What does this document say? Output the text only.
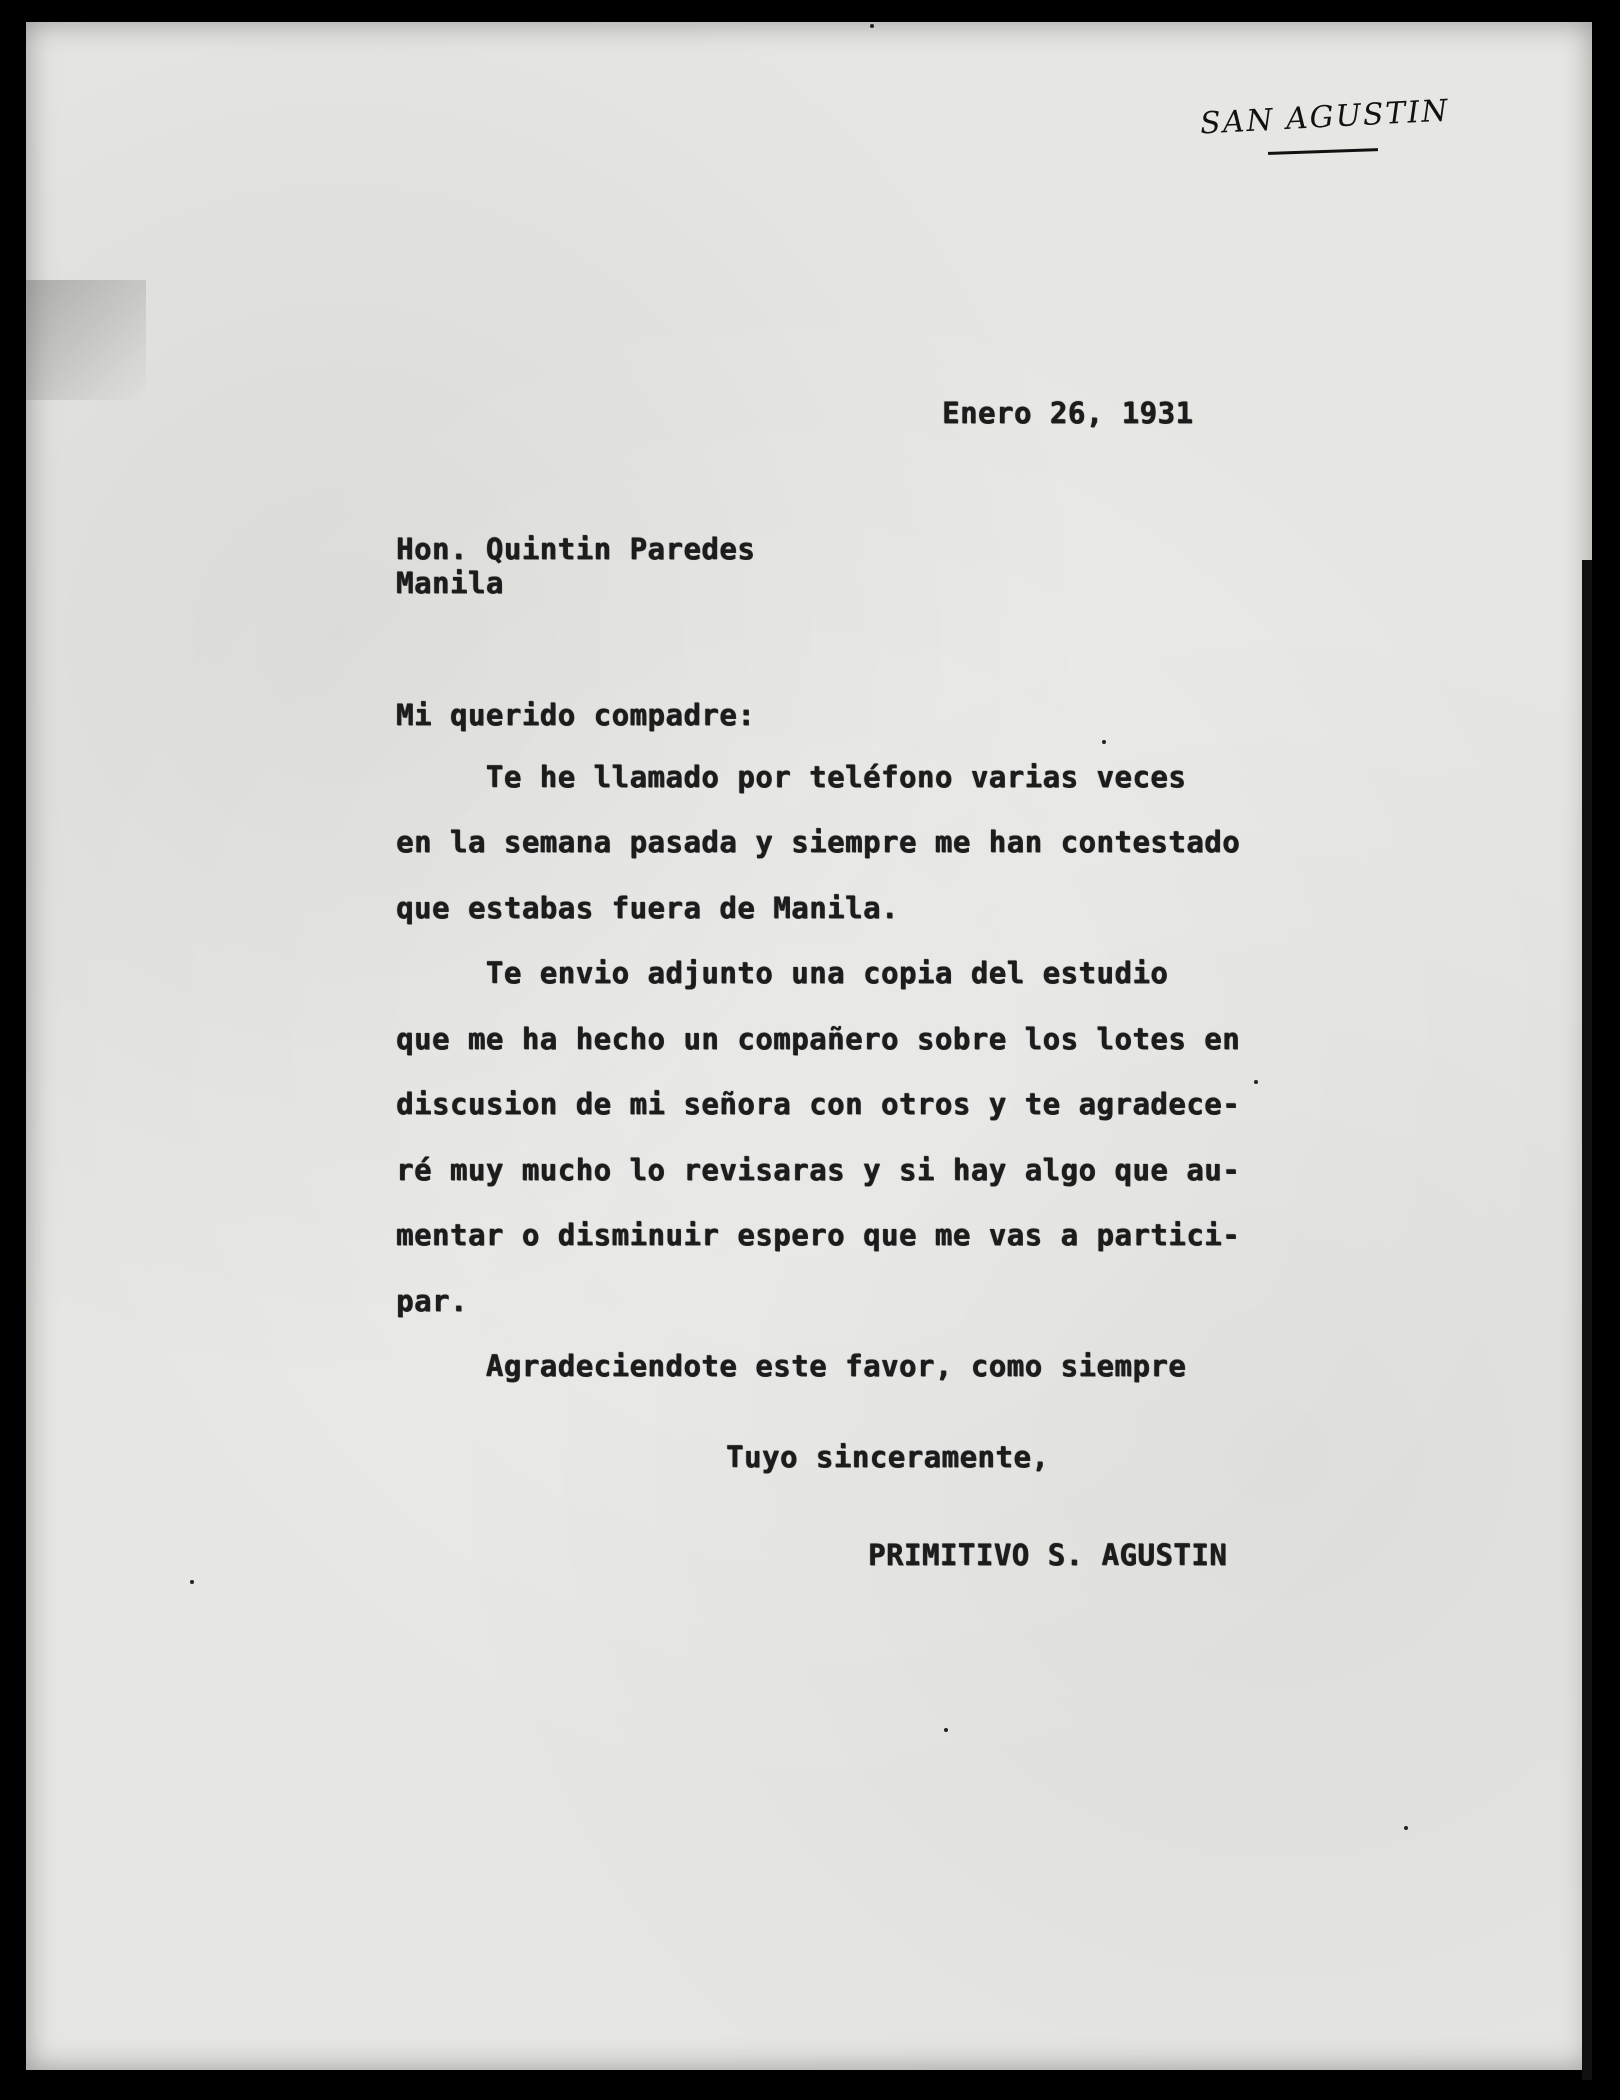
SAN AGUSTIN
Enero 26, 1931
Hon. Quintin Paredes
Manila
Mi querido compadre:
Te he llamado por teléfono varias veces
en la semana pasada y siempre me han contestado
que estabas fuera de Manila.
Te envio adjunto una copia del estudio
que me ha hecho un compañero sobre los lotes en
discusion de mi señora con otros y te agradece-
ré muy mucho lo revisaras y si hay algo que au-
mentar o disminuir espero que me vas a partici-
par.
Agradeciendote este favor, como siempre
Tuyo sinceramente,
PRIMITIVO S. AGUSTIN
